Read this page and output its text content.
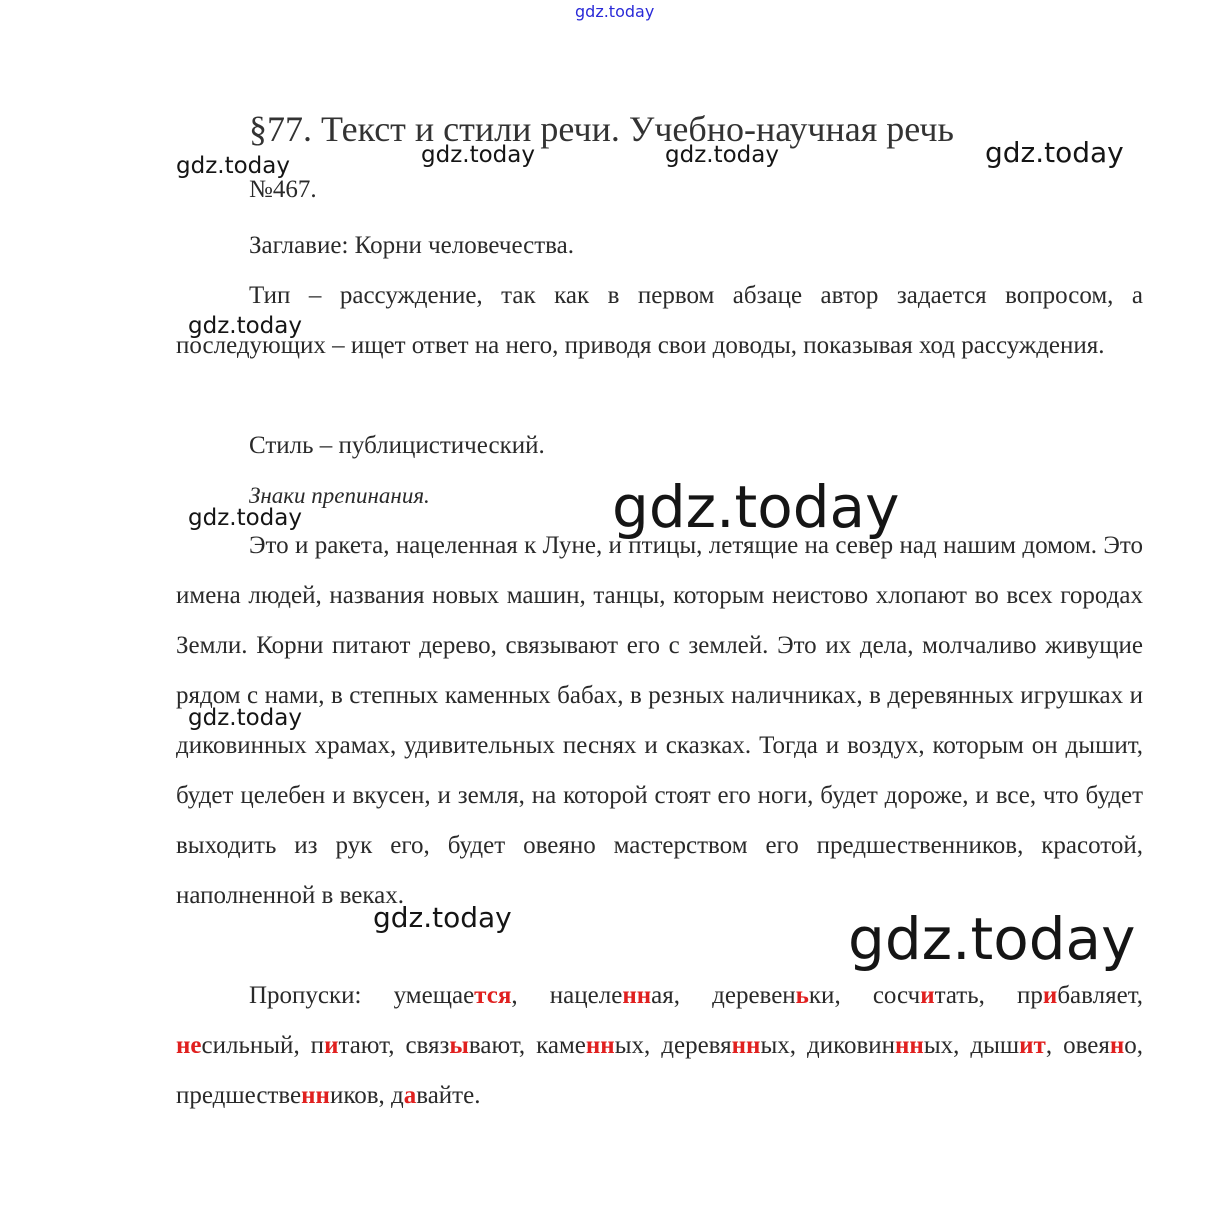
gdz.today
§77. Текст и стили речи. Учебно-научная речь
gdz.today	gdz.today	gdz.today	gdz.today

№467.

Заглавие: Корни человечества.

Тип – рассуждение, так как в первом абзаце автор задается вопросом, а последующих – ищет ответ на него, приводя свои доводы, показывая ход рассуждения.

Стиль – публицистический.

Знаки препинания.

Это и ракета, нацеленная к Луне, и птицы, летящие на север над нашим домом. Это имена людей, названия новых машин, танцы, которым неистово хлопают во всех городах Земли. Корни питают дерево, связывают его с землей. Это их дела, молчаливо живущие рядом с нами, в степных каменных бабах, в резных наличниках, в деревянных игрушках и диковинных храмах, удивительных песнях и сказках. Тогда и воздух, которым он дышит, будет целебен и вкусен, и земля, на которой стоят его ноги, будет дороже, и все, что будет выходить из рук его, будет овеяно мастерством его предшественников, красотой, наполненной в веках.

Пропуски: умещается, нацеленная, деревеньки, сосчитать, прибавляет, несильный, питают, связывают, каменных, деревянных, диковиннных, дышит, овеяно, предшественников, давайте.

gdz.today
gdz.today	gdz.today
gdz.today
gdz.today	gdz.today
